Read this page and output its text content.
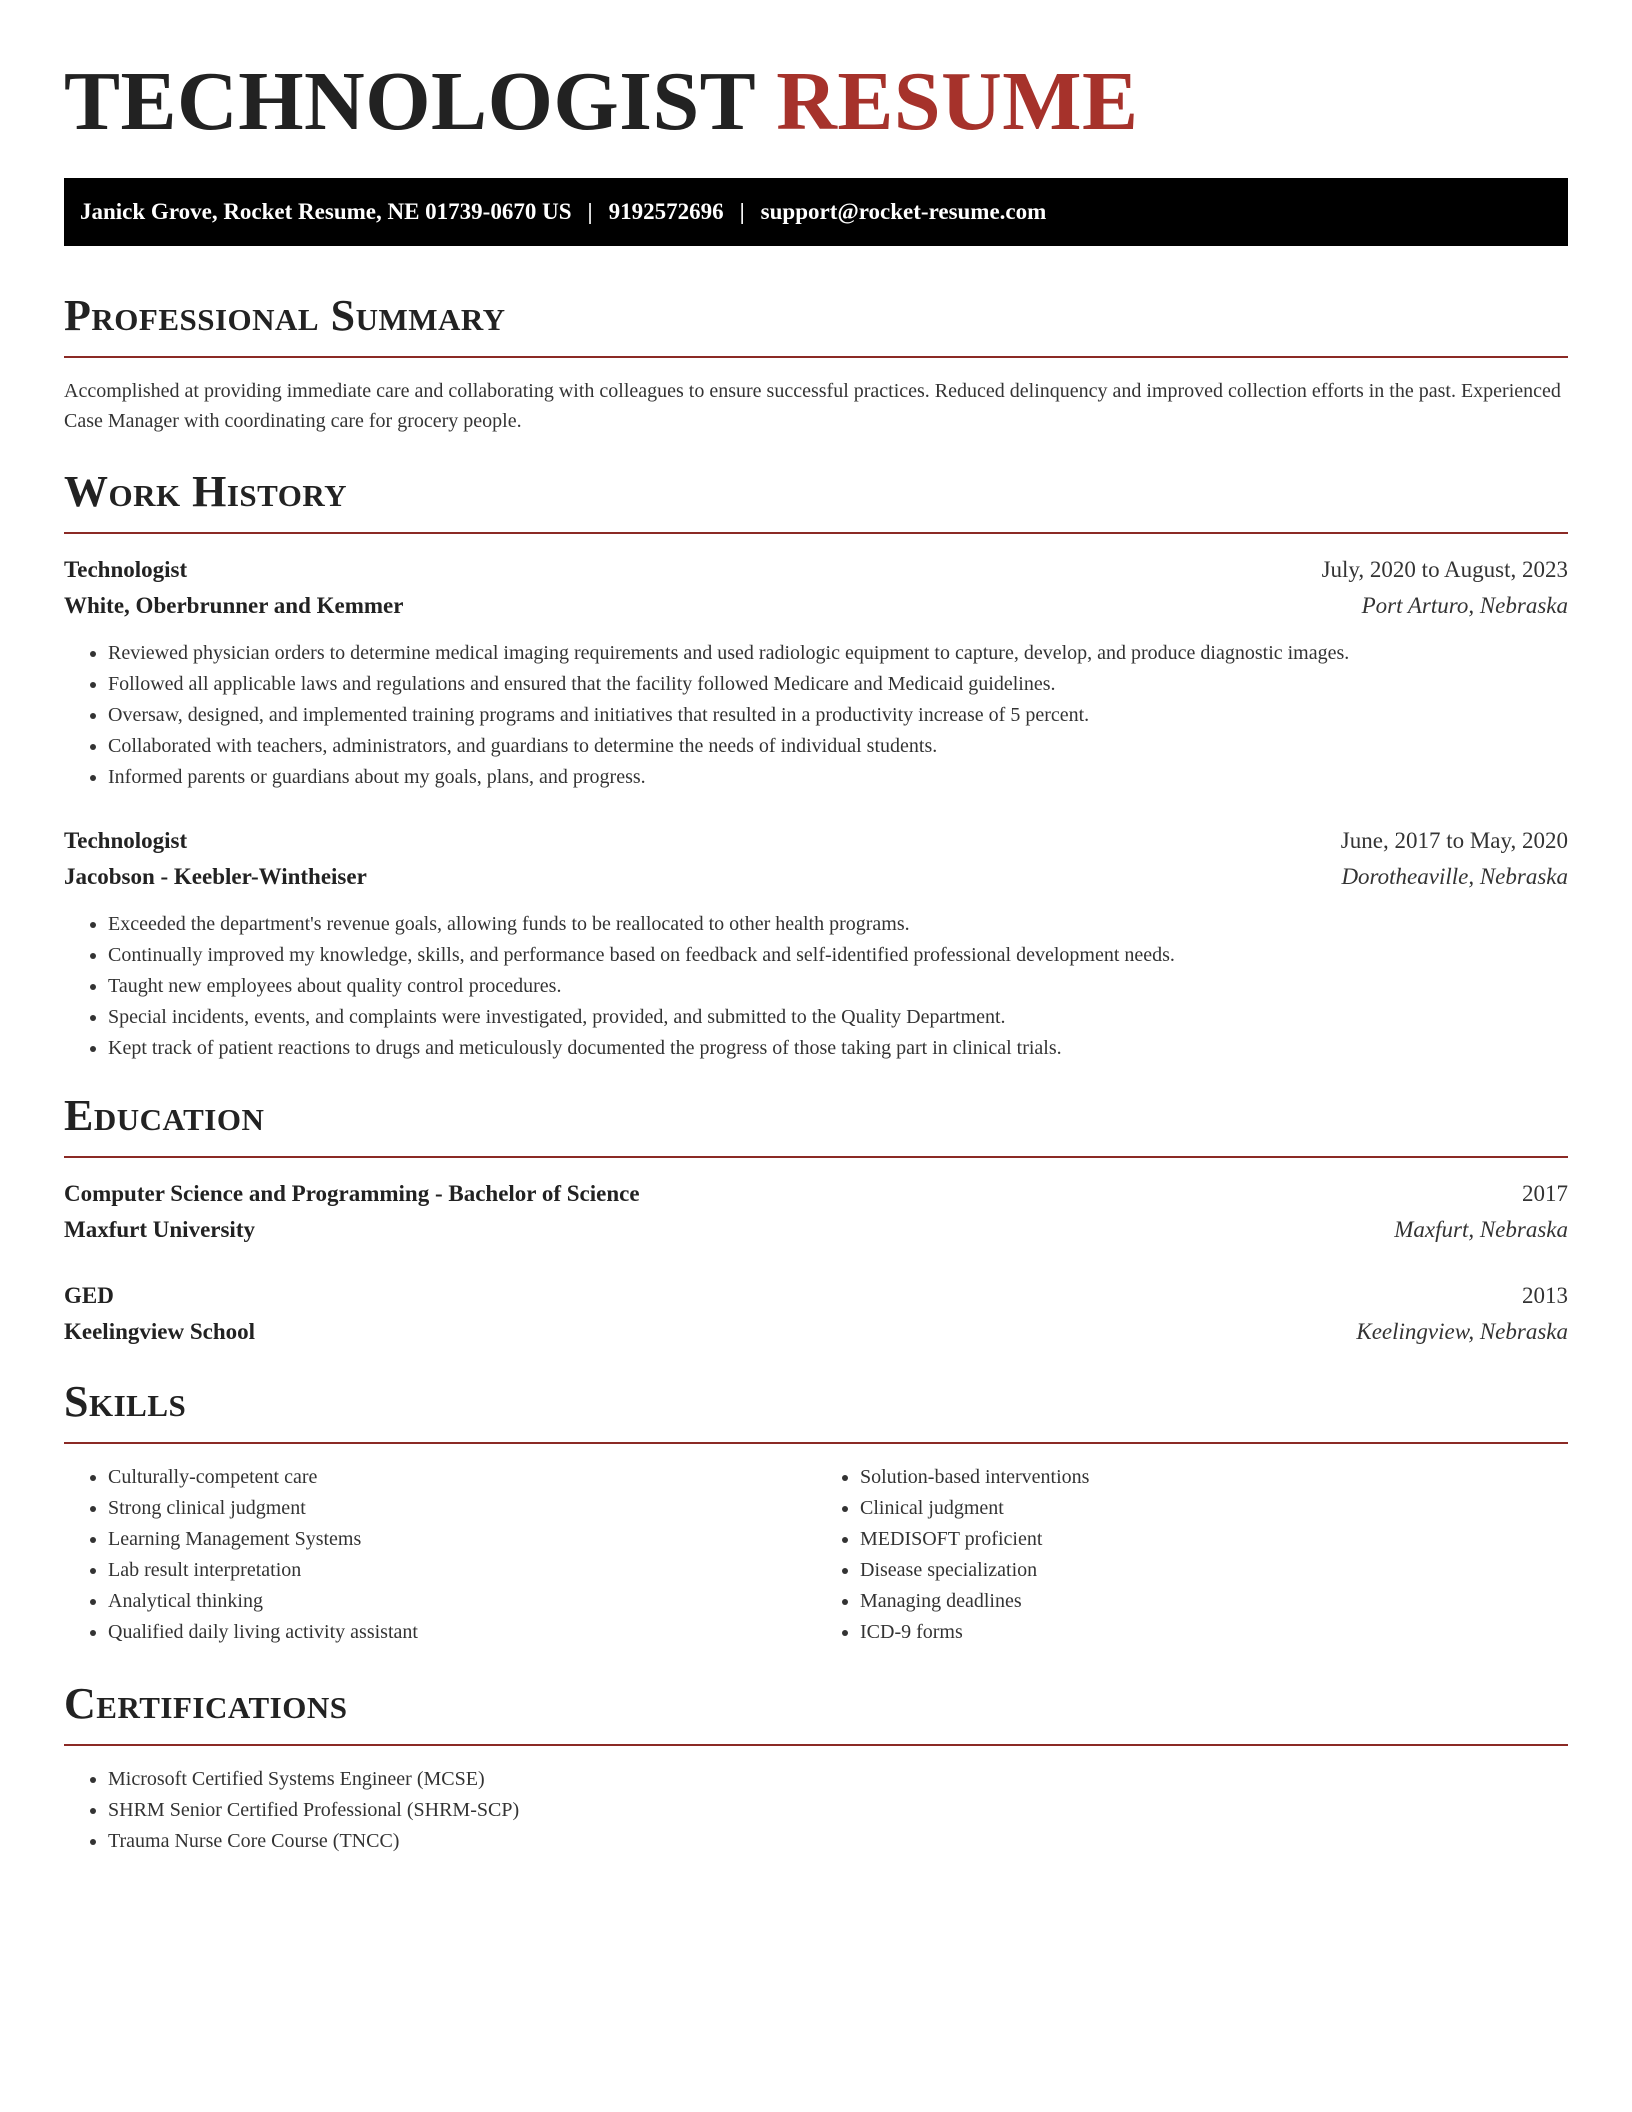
TECHNOLOGIST RESUME
Janick Grove, Rocket Resume, NE 01739-0670 US | 9192572696 | support@rocket-resume.com
Professional Summary

Accomplished at providing immediate care and collaborating with colleagues to ensure successful practices. Reduced delinquency and improved collection efforts in the past. Experienced Case Manager with coordinating care for grocery people.

Work History
Technologist	July, 2020 to August, 2023
White, Oberbrunner and Kemmer	Port Arturo, Nebraska
• Reviewed physician orders to determine medical imaging requirements and used radiologic equipment to capture, develop, and produce diagnostic images.
• Followed all applicable laws and regulations and ensured that the facility followed Medicare and Medicaid guidelines.
• Oversaw, designed, and implemented training programs and initiatives that resulted in a productivity increase of 5 percent.
• Collaborated with teachers, administrators, and guardians to determine the needs of individual students.
• Informed parents or guardians about my goals, plans, and progress.
Technologist	June, 2017 to May, 2020
Jacobson - Keebler-Wintheiser	Dorotheaville, Nebraska
• Exceeded the department's revenue goals, allowing funds to be reallocated to other health programs.
• Continually improved my knowledge, skills, and performance based on feedback and self-identified professional development needs.
• Taught new employees about quality control procedures.
• Special incidents, events, and complaints were investigated, provided, and submitted to the Quality Department.
• Kept track of patient reactions to drugs and meticulously documented the progress of those taking part in clinical trials.
Education
Computer Science and Programming - Bachelor of Science	2017
Maxfurt University	Maxfurt, Nebraska
GED	2013
Keelingview School	Keelingview, Nebraska
Skills
• Culturally-competent care
• Strong clinical judgment
• Learning Management Systems
• Lab result interpretation
• Analytical thinking
• Qualified daily living activity assistant
• Solution-based interventions
• Clinical judgment
• MEDISOFT proficient
• Disease specialization
• Managing deadlines
• ICD-9 forms
Certifications
• Microsoft Certified Systems Engineer (MCSE)
• SHRM Senior Certified Professional (SHRM-SCP)
• Trauma Nurse Core Course (TNCC)
